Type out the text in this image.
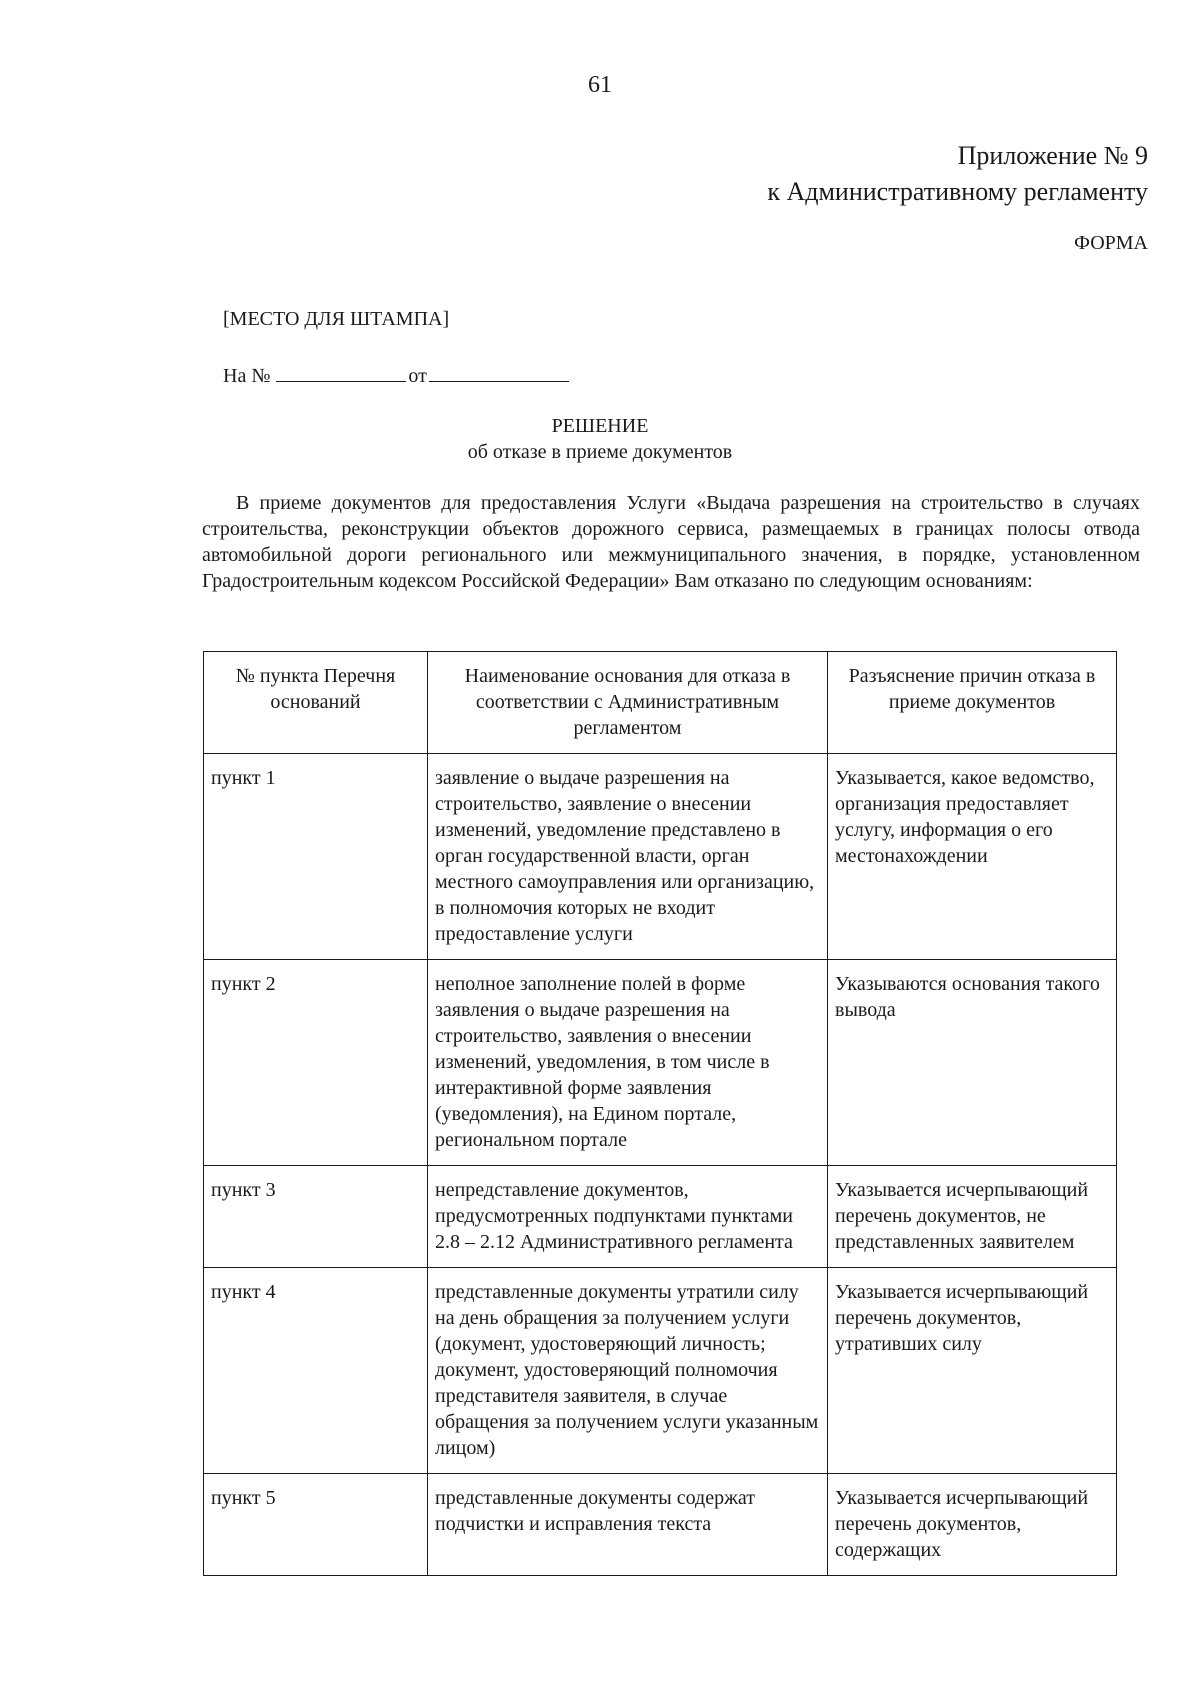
61
Приложение № 9
к Административному регламенту
ФОРМА
[МЕСТО ДЛЯ ШТАМПА]
На №	от
РЕШЕНИЕ
об отказе в приеме документов

В приеме документов для предоставления Услуги «Выдача разрешения на строительство в случаях строительства, реконструкции объектов дорожного сервиса, размещаемых в границах полосы отвода автомобильной дороги регионального или межмуниципального значения, в порядке, установленном Градостроительным кодексом Российской Федерации» Вам отказано по следующим основаниям:

№ пункта Перечня оснований	Наименование основания для отказа в соответствии с Административным регламентом	Разъяснение причин отказа в приеме документов
пункт 1	заявление о выдаче разрешения на строительство, заявление о внесении изменений, уведомление представлено в орган государственной власти, орган местного самоуправления или организацию, в полномочия которых не входит предоставление услуги	Указывается, какое ведомство, организация предоставляет услугу, информация о его местонахождении
пункт 2	неполное заполнение полей в форме заявления о выдаче разрешения на строительство, заявления о внесении изменений, уведомления, в том числе в интерактивной форме заявления (уведомления), на Едином портале, региональном портале	Указываются основания такого вывода
пункт 3	непредставление документов, предусмотренных подпунктами пунктами 2.8 – 2.12 Административного регламента	Указывается исчерпывающий перечень документов, не представленных заявителем
пункт 4	представленные документы утратили силу на день обращения за получением услуги (документ, удостоверяющий личность; документ, удостоверяющий полномочия представителя заявителя, в случае обращения за получением услуги указанным лицом)	Указывается исчерпывающий перечень документов, утративших силу
пункт 5	представленные документы содержат подчистки и исправления текста	Указывается исчерпывающий перечень документов, содержащих
